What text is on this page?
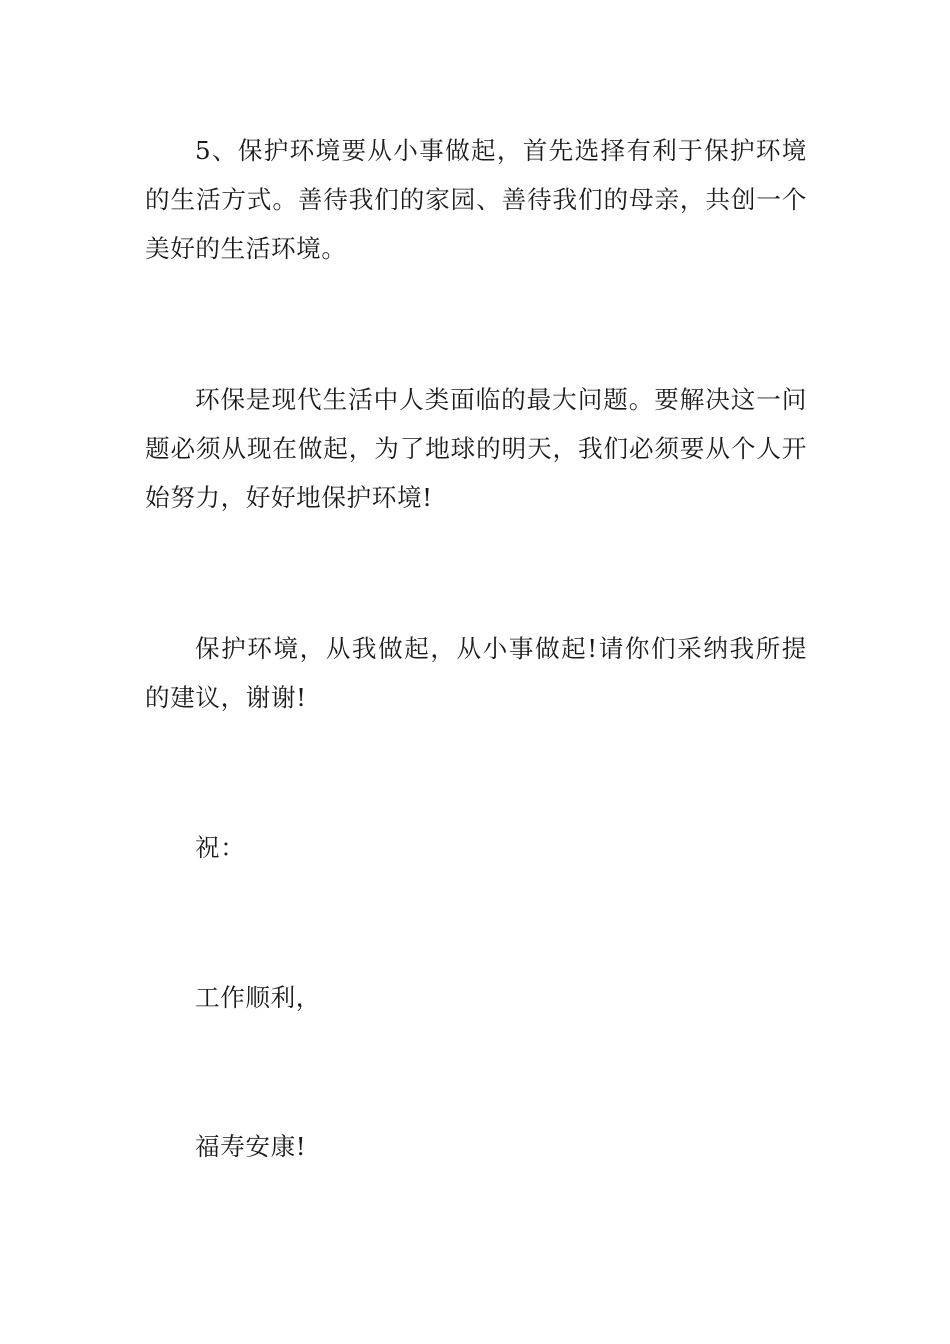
5、保护环境要从小事做起，首先选择有利于保护环境的生活方式。善待我们的家园、善待我们的母亲，共创一个美好的生活环境。

环保是现代生活中人类面临的最大问题。要解决这一问题必须从现在做起，为了地球的明天，我们必须要从个人开始努力，好好地保护环境!

保护环境，从我做起，从小事做起!请你们采纳我所提的建议，谢谢!

祝：

工作顺利，

福寿安康!
